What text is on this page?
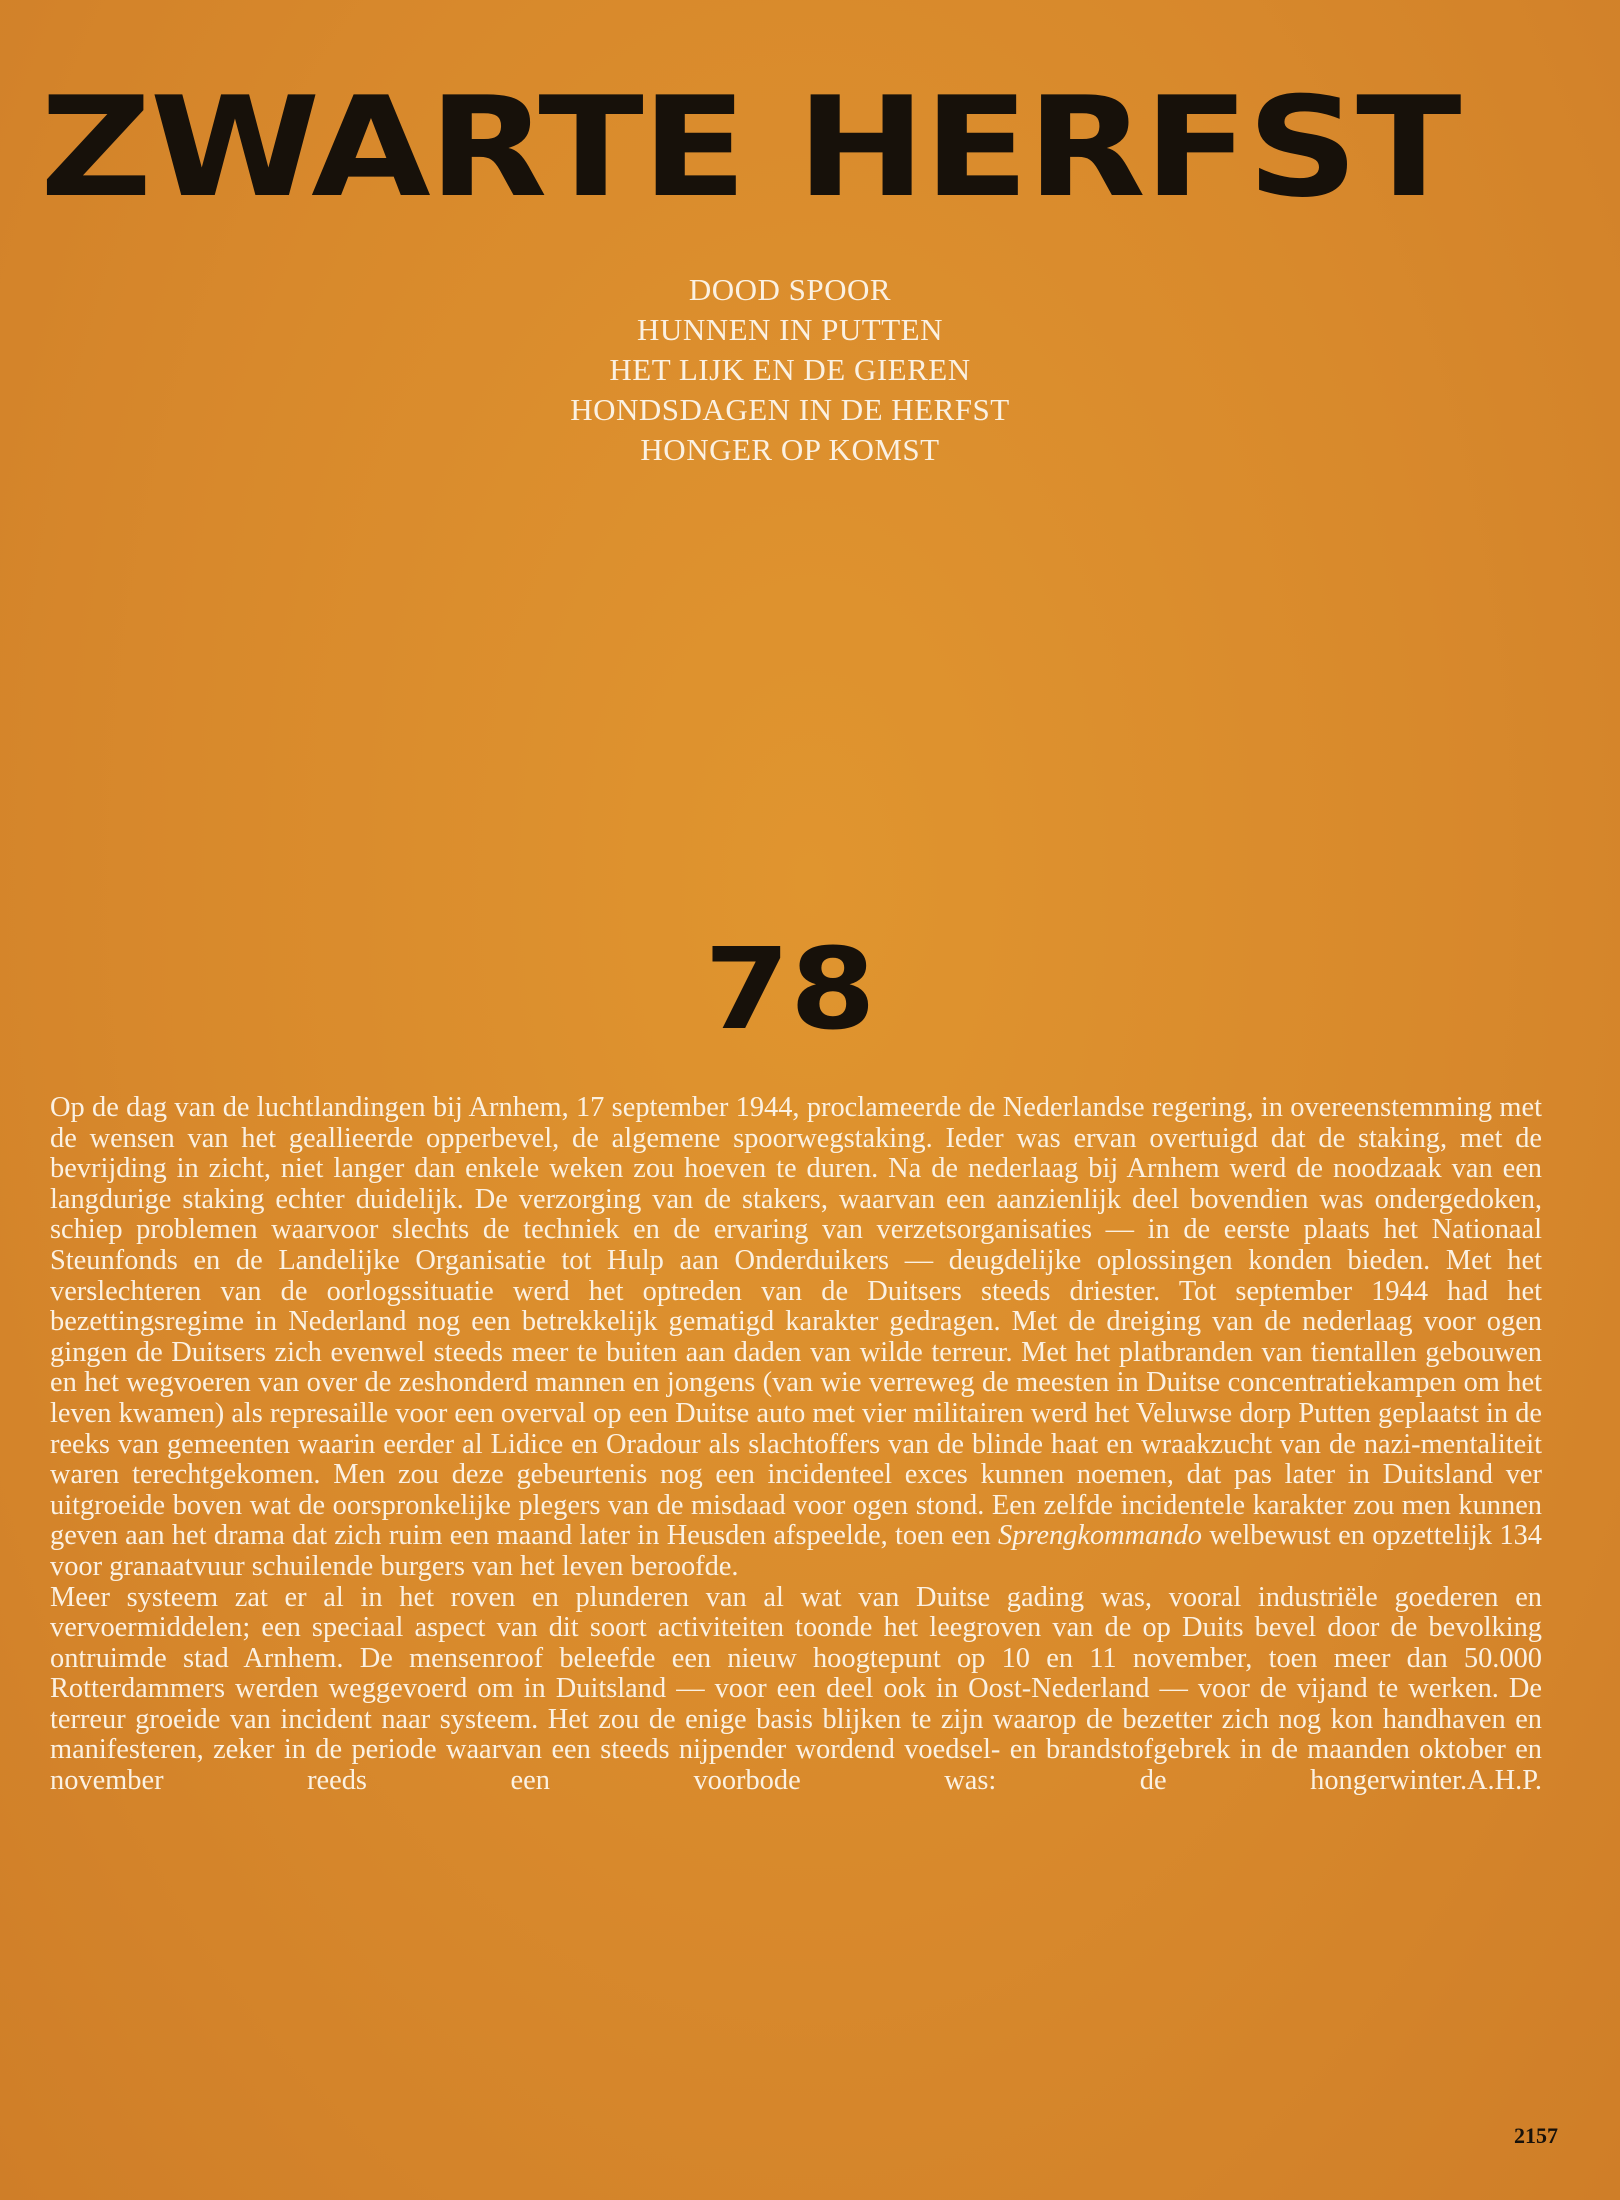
ZWARTE HERFST
DOOD SPOOR
HUNNEN IN PUTTEN
HET LIJK EN DE GIEREN
HONDSDAGEN IN DE HERFST
HONGER OP KOMST
78

Op de dag van de luchtlandingen bij Arnhem, 17 september 1944, proclameerde de Nederlandse regering, in overeenstemming met de wensen van het geallieerde opperbevel, de algemene spoorwegstaking. Ieder was ervan overtuigd dat de staking, met de bevrijding in zicht, niet langer dan enkele weken zou hoeven te duren. Na de nederlaag bij Arnhem werd de noodzaak van een langdurige staking echter duidelijk. De verzorging van de stakers, waarvan een aanzienlijk deel bovendien was ondergedoken, schiep problemen waarvoor slechts de techniek en de ervaring van verzetsorganisaties — in de eerste plaats het Nationaal Steunfonds en de Landelijke Organisatie tot Hulp aan Onderduikers — deugdelijke oplossingen konden bieden. Met het verslechteren van de oorlogssituatie werd het optreden van de Duitsers steeds driester. Tot september 1944 had het bezettingsregime in Nederland nog een betrekkelijk gematigd karakter gedragen. Met de dreiging van de nederlaag voor ogen gingen de Duitsers zich evenwel steeds meer te buiten aan daden van wilde terreur. Met het platbranden van tientallen gebouwen en het wegvoeren van over de zeshonderd mannen en jongens (van wie verreweg de meesten in Duitse concentratiekampen om het leven kwamen) als represaille voor een overval op een Duitse auto met vier militairen werd het Veluwse dorp Putten geplaatst in de reeks van gemeenten waarin eerder al Lidice en Oradour als slachtoffers van de blinde haat en wraakzucht van de nazi-mentaliteit waren terechtgekomen. Men zou deze gebeurtenis nog een incidenteel exces kunnen noemen, dat pas later in Duitsland ver uitgroeide boven wat de oorspronkelijke plegers van de misdaad voor ogen stond. Een zelfde incidentele karakter zou men kunnen geven aan het drama dat zich ruim een maand later in Heusden afspeelde, toen een Sprengkommando welbewust en opzettelijk 134 voor granaatvuur schuilende burgers van het leven beroofde.

Meer systeem zat er al in het roven en plunderen van al wat van Duitse gading was, vooral industriële goederen en vervoermiddelen; een speciaal aspect van dit soort activiteiten toonde het leegroven van de op Duits bevel door de bevolking ontruimde stad Arnhem. De mensenroof beleefde een nieuw hoogtepunt op 10 en 11 november, toen meer dan 50.000 Rotterdammers werden weggevoerd om in Duitsland — voor een deel ook in Oost-Nederland — voor de vijand te werken. De terreur groeide van incident naar systeem. Het zou de enige basis blijken te zijn waarop de bezetter zich nog kon handhaven en manifesteren, zeker in de periode waarvan een steeds nijpender wordend voedsel- en brandstofgebrek in de maanden oktober en november reeds een voorbode was: de hongerwinter. A.H.P.

2157
